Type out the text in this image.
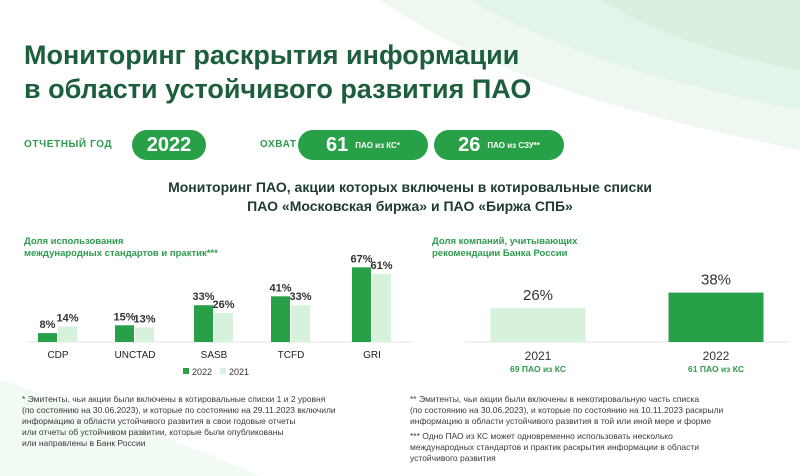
Мониторинг раскрытия информации
в области устойчивого развития ПАО
ОТЧЕТНЫЙ ГОД 2022	ОХВАТ 61 ПАО из КС*	26 ПАО из СЗУ**
Мониторинг ПАО, акции которых включены в котировальные списки
ПАО «Московская биржа» и ПАО «Биржа СПБ»
Доля использования
международных стандартов и практик***
Доля компаний, учитывающих
рекомендации Банка России
8%
14%
CDP
15%
13%
UNCTAD
33%
26%
SASB
41%
33%
TCFD
67%
61%
GRI
2022 2021
26%
2021
69 ПАО из КС
38%
2022
61 ПАО из КС
* Эмитенты, чьи акции были включены в котировальные списки 1 и 2 уровня
(по состоянию на 30.06.2023), и которые по состоянию на 29.11.2023 включили
информацию в области устойчивого развития в свои годовые отчеты
или отчеты об устойчивом развитии, которые были опубликованы
или направлены в Банк России
** Эмитенты, чьи акции были включены в некотировальную часть списка
(по состоянию на 30.06.2023), и которые по состоянию на 10.11.2023 раскрыли
информацию в области устойчивого развития в той или иной мере и форме
*** Одно ПАО из КС может одновременно использовать несколько
международных стандартов и практик раскрытия информации в области
устойчивого развития
